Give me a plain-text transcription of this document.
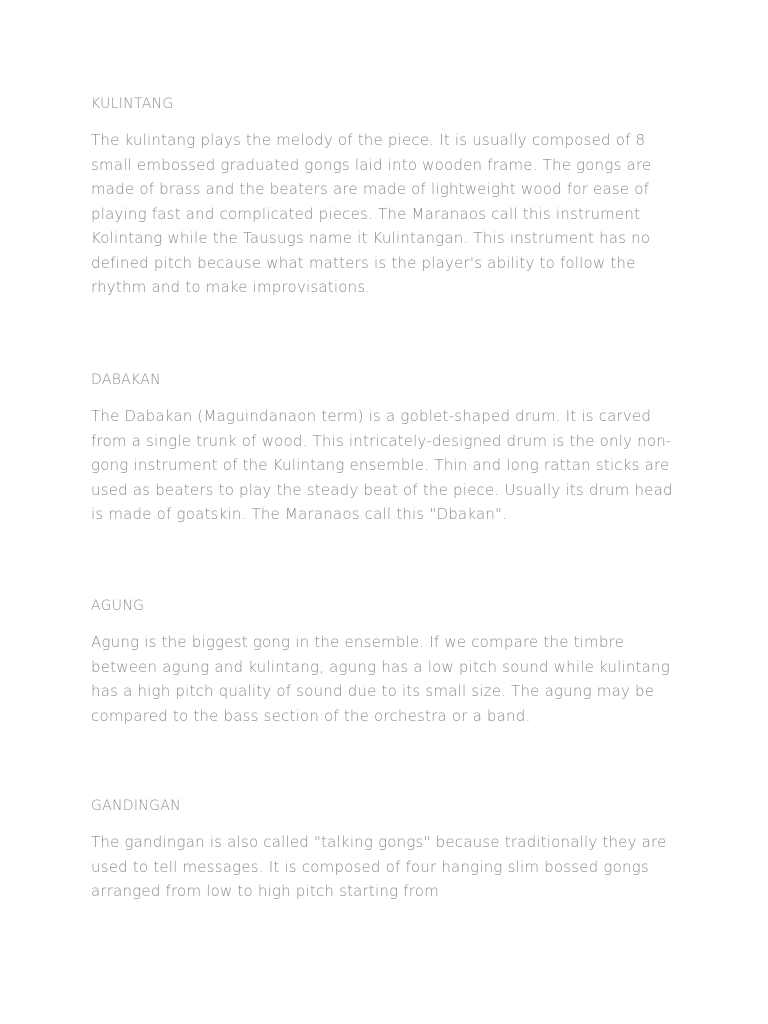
KULINTANG

The kulintang plays the melody of the piece. It is usually composed of 8 small embossed graduated gongs laid into wooden frame. The gongs are made of brass and the beaters are made of lightweight wood for ease of playing fast and complicated pieces. The Maranaos call this instrument Kolintang while the Tausugs name it Kulintangan. This instrument has no defined pitch because what matters is the player's ability to follow the rhythm and to make improvisations.

DABAKAN

The Dabakan (Maguindanaon term) is a goblet-shaped drum. It is carved from a single trunk of wood. This intricately-designed drum is the only non-gong instrument of the Kulintang ensemble. Thin and long rattan sticks are used as beaters to play the steady beat of the piece. Usually its drum head is made of goatskin. The Maranaos call this "Dbakan".

AGUNG

Agung is the biggest gong in the ensemble. If we compare the timbre between agung and kulintang, agung has a low pitch sound while kulintang has a high pitch quality of sound due to its small size. The agung may be compared to the bass section of the orchestra or a band.

GANDINGAN

The gandingan is also called "talking gongs" because traditionally they are used to tell messages. It is composed of four hanging slim bossed gongs arranged from low to high pitch starting from
